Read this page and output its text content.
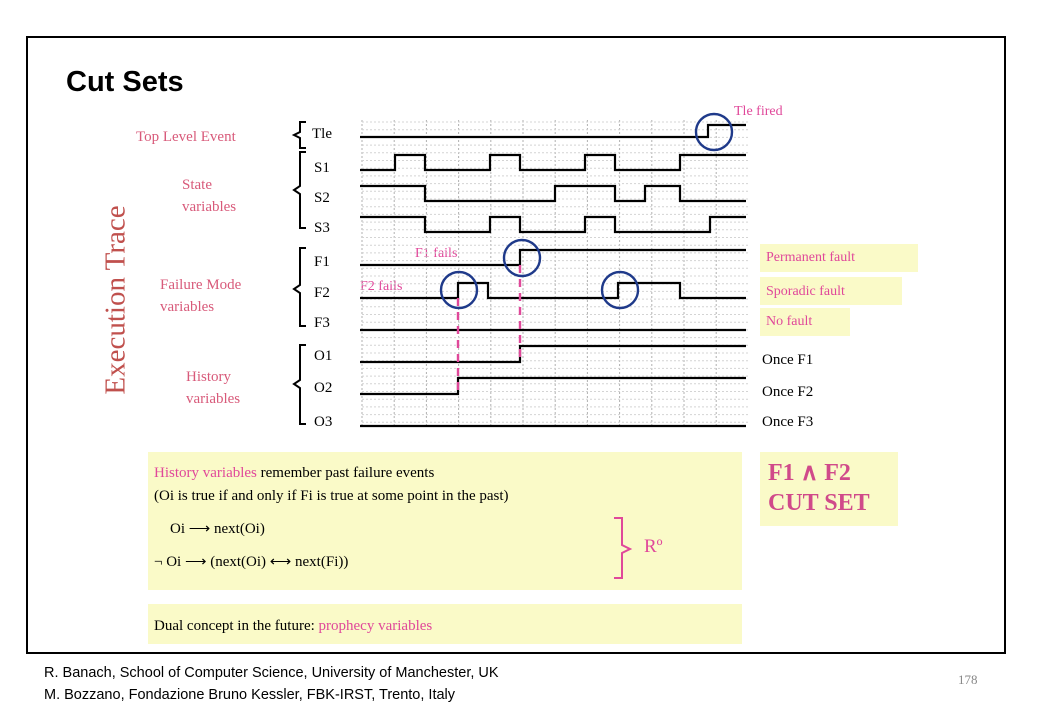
Cut Sets
Execution Trace
Top Level Event
State
variables
Failure Mode
variables
History
variables
Tle
S1
S2
S3
F1
F2
F3
O1
O2
O3
Tle fired
F1 fails
F2 fails
Permanent fault
Sporadic fault
No fault
Once F1
Once F2
Once F3
History variables remember past failure events
(Oi is true if and only if Fi is true at some point in the past)
Oi ⟶ next(Oi)
¬ Oi ⟶ (next(Oi) ⟷ next(Fi))
Rº
Dual concept in the future: prophecy variables
F1 ∧ F2
CUT SET
R. Banach, School of Computer Science, University of Manchester, UK
M. Bozzano, Fondazione Bruno Kessler, FBK-IRST, Trento, Italy
178
